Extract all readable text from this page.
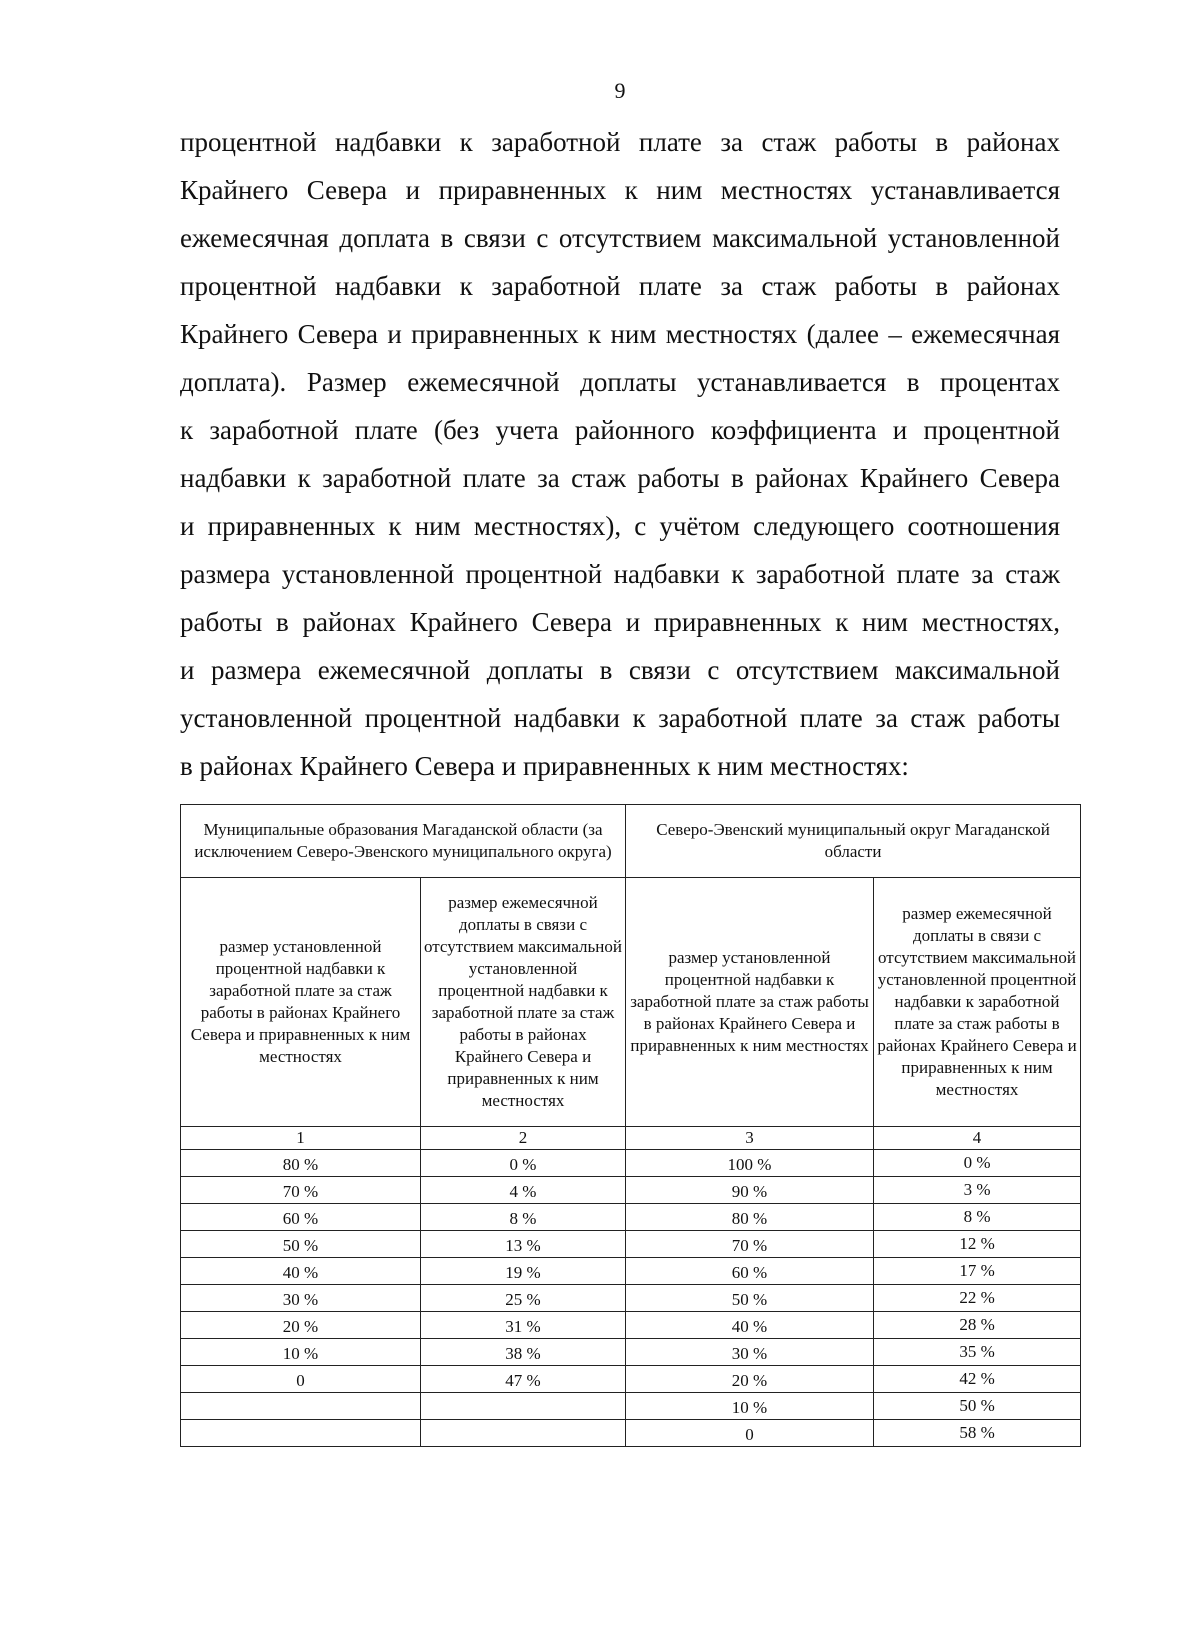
9
процентной надбавки к заработной плате за стаж работы в районах
Крайнего Севера и приравненных к ним местностях устанавливается
ежемесячная доплата в связи с отсутствием максимальной установленной
процентной надбавки к заработной плате за стаж работы в районах
Крайнего Севера и приравненных к ним местностях (далее – ежемесячная
доплата). Размер ежемесячной доплаты устанавливается в процентах
к заработной плате (без учета районного коэффициента и процентной
надбавки к заработной плате за стаж работы в районах Крайнего Севера
и приравненных к ним местностях), с учётом следующего соотношения
размера установленной процентной надбавки к заработной плате за стаж
работы в районах Крайнего Севера и приравненных к ним местностях,
и размера ежемесячной доплаты в связи с отсутствием максимальной
установленной процентной надбавки к заработной плате за стаж работы
в районах Крайнего Севера и приравненных к ним местностях:
Муниципальные образования Магаданской области (за исключением Северо-Эвенского муниципального округа)		Северо-Эвенский муниципальный округ Магаданской области	
размер установленной процентной надбавки к заработной плате за стаж работы в районах Крайнего Севера и приравненных к ним местностях	размер ежемесячной доплаты в связи с отсутствием максимальной установленной процентной надбавки к заработной плате за стаж работы в районах Крайнего Севера и приравненных к ним местностях	размер установленной процентной надбавки к заработной плате за стаж работы в районах Крайнего Севера и приравненных к ним местностях	размер ежемесячной доплаты в связи с отсутствием максимальной установленной процентной надбавки к заработной плате за стаж работы в районах Крайнего Севера и приравненных к ним местностях
1	2	3	4
80 %	0 %	100 %	0 %
70 %	4 %	90 %	3 %
60 %	8 %	80 %	8 %
50 %	13 %	70 %	12 %
40 %	19 %	60 %	17 %
30 %	25 %	50 %	22 %
20 %	31 %	40 %	28 %
10 %	38 %	30 %	35 %
0	47 %	20 %	42 %
		10 %	50 %
		0	58 %
